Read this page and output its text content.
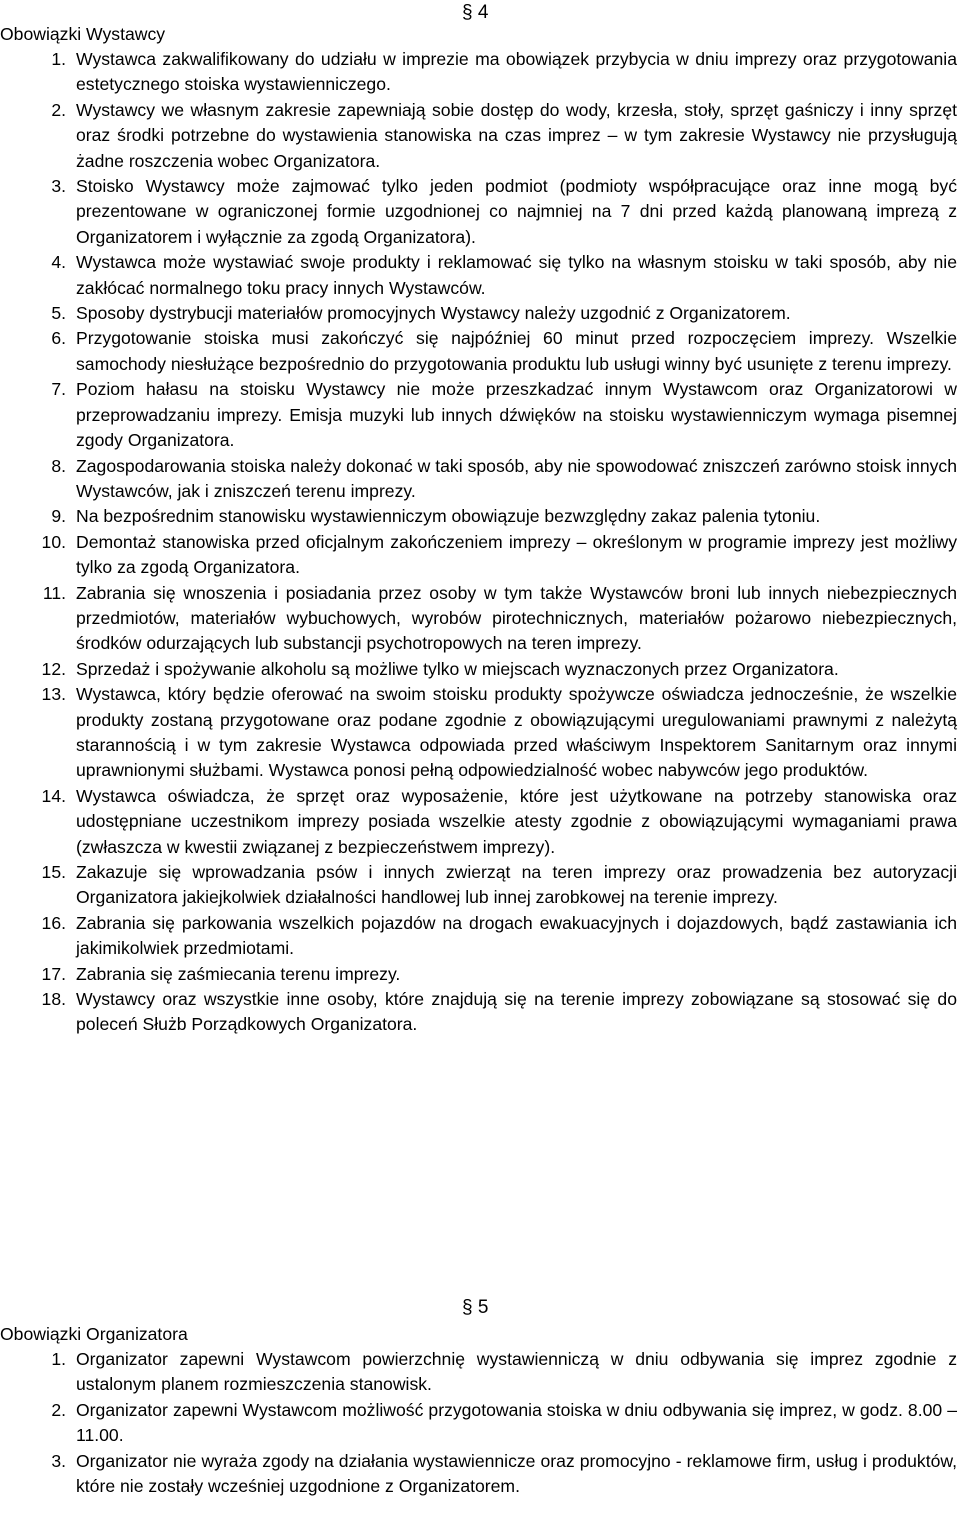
§ 4
Obowiązki Wystawcy
1. Wystawca zakwalifikowany do udziału w imprezie ma obowiązek przybycia w dniu imprezy oraz przygotowania estetycznego stoiska wystawienniczego.
2. Wystawcy we własnym zakresie zapewniają sobie dostęp do wody, krzesła, stoły, sprzęt gaśniczy i inny sprzęt oraz środki potrzebne do wystawienia stanowiska na czas imprez – w tym zakresie Wystawcy nie przysługują żadne roszczenia wobec Organizatora.
3. Stoisko Wystawcy może zajmować tylko jeden podmiot (podmioty współpracujące oraz inne mogą być prezentowane w ograniczonej formie uzgodnionej co najmniej na 7 dni przed każdą planowaną imprezą z Organizatorem i wyłącznie za zgodą Organizatora).
4. Wystawca może wystawiać swoje produkty i reklamować się tylko na własnym stoisku w taki sposób, aby nie zakłócać normalnego toku pracy innych Wystawców.
5. Sposoby dystrybucji materiałów promocyjnych Wystawcy należy uzgodnić z Organizatorem.
6. Przygotowanie stoiska musi zakończyć się najpóźniej 60 minut przed rozpoczęciem imprezy. Wszelkie samochody niesłużące bezpośrednio do przygotowania produktu lub usługi winny być usunięte z terenu imprezy.
7. Poziom hałasu na stoisku Wystawcy nie może przeszkadzać innym Wystawcom oraz Organizatorowi w przeprowadzaniu imprezy. Emisja muzyki lub innych dźwięków na stoisku wystawienniczym wymaga pisemnej zgody Organizatora.
8. Zagospodarowania stoiska należy dokonać w taki sposób, aby nie spowodować zniszczeń zarówno stoisk innych Wystawców, jak i zniszczeń terenu imprezy.
9. Na bezpośrednim stanowisku wystawienniczym obowiązuje bezwzględny zakaz palenia tytoniu.
10. Demontaż stanowiska przed oficjalnym zakończeniem imprezy – określonym w programie imprezy jest możliwy tylko za zgodą Organizatora.
11. Zabrania się wnoszenia i posiadania przez osoby w tym także Wystawców broni lub innych niebezpiecznych przedmiotów, materiałów wybuchowych, wyrobów pirotechnicznych, materiałów pożarowo niebezpiecznych, środków odurzających lub substancji psychotropowych na teren imprezy.
12. Sprzedaż i spożywanie alkoholu są możliwe tylko w miejscach wyznaczonych przez Organizatora.
13. Wystawca, który będzie oferować na swoim stoisku produkty spożywcze oświadcza jednocześnie, że wszelkie produkty zostaną przygotowane oraz podane zgodnie z obowiązującymi uregulowaniami prawnymi z należytą starannością i w tym zakresie Wystawca odpowiada przed właściwym Inspektorem Sanitarnym oraz innymi uprawnionymi służbami. Wystawca ponosi pełną odpowiedzialność wobec nabywców jego produktów.
14. Wystawca oświadcza, że sprzęt oraz wyposażenie, które jest użytkowane na potrzeby stanowiska oraz udostępniane uczestnikom imprezy posiada wszelkie atesty zgodnie z obowiązującymi wymaganiami prawa (zwłaszcza w kwestii związanej z bezpieczeństwem imprezy).
15. Zakazuje się wprowadzania psów i innych zwierząt na teren imprezy oraz prowadzenia bez autoryzacji Organizatora jakiejkolwiek działalności handlowej lub innej zarobkowej na terenie imprezy.
16. Zabrania się parkowania wszelkich pojazdów na drogach ewakuacyjnych i dojazdowych, bądź zastawiania ich jakimikolwiek przedmiotami.
17. Zabrania się zaśmiecania terenu imprezy.
18. Wystawcy oraz wszystkie inne osoby, które znajdują się na terenie imprezy zobowiązane są stosować się do poleceń Służb Porządkowych Organizatora.
§ 5
Obowiązki Organizatora
1. Organizator zapewni Wystawcom powierzchnię wystawienniczą w dniu odbywania się imprez zgodnie z ustalonym planem rozmieszczenia stanowisk.
2. Organizator zapewni Wystawcom możliwość przygotowania stoiska w dniu odbywania się imprez, w godz. 8.00 – 11.00.
3. Organizator nie wyraża zgody na działania wystawiennicze oraz promocyjno - reklamowe firm, usług i produktów, które nie zostały wcześniej uzgodnione z Organizatorem.
